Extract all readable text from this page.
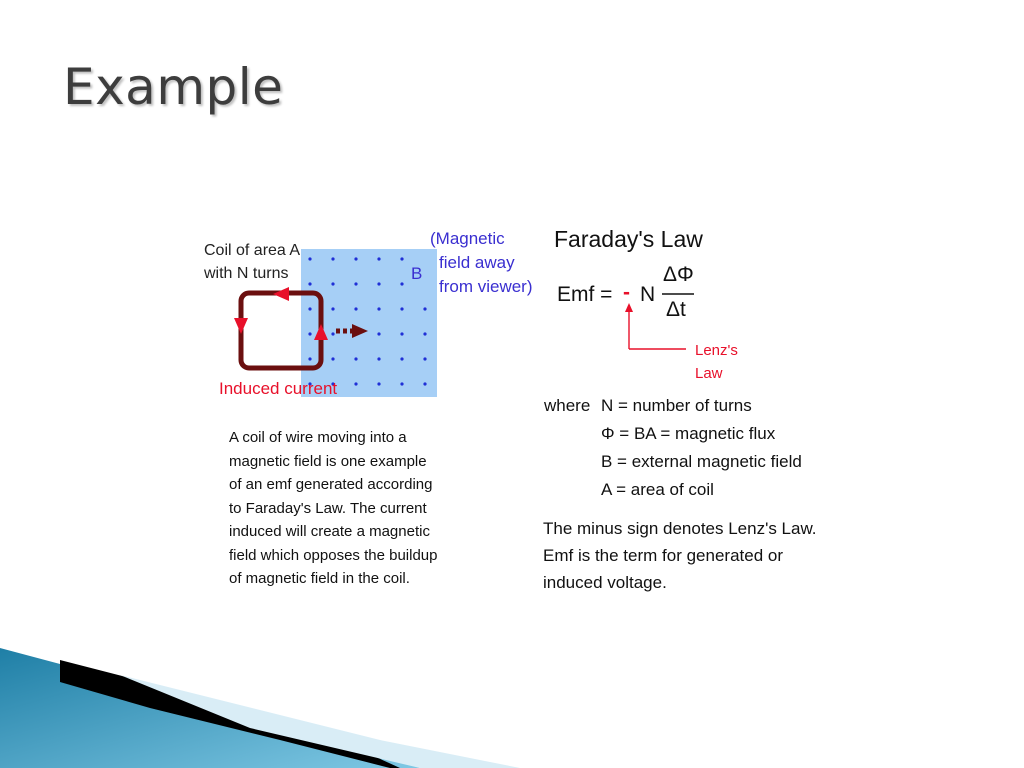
Example
Coil of area A
with N turns	B
(Magnetic
field away
from viewer)
Induced current
A coil of wire moving into a
magnetic field is one example
of an emf generated according
to Faraday's Law. The current
induced will create a magnetic
field which opposes the buildup
of magnetic field in the coil.
Faraday's Law
Emf = - N
ΔΦ
Δt
Lenz's
Law
where N = number of turns
Φ = BA = magnetic flux
B = external magnetic field
A = area of coil
The minus sign denotes Lenz's Law.
Emf is the term for generated or
induced voltage.
